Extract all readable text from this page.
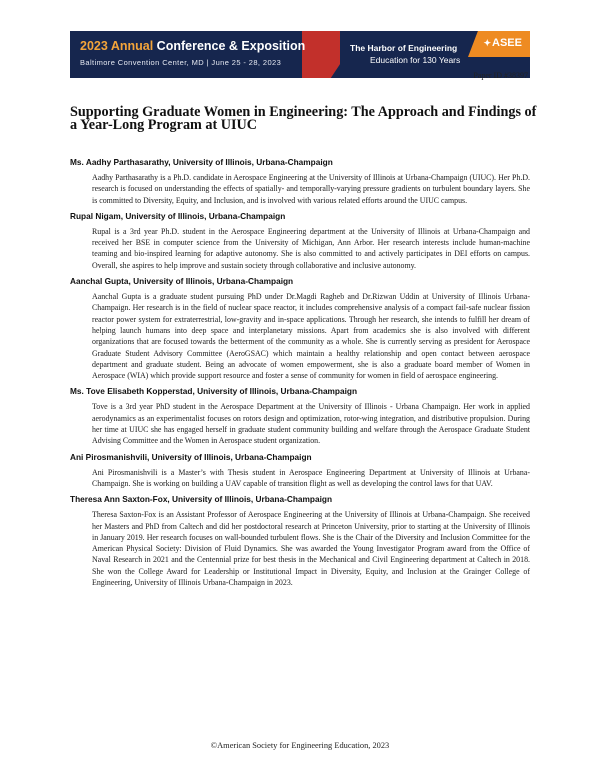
2023 Annual Conference & Exposition
Baltimore Convention Center, MD | June 25 - 28, 2023
The Harbor of Engineering
Education for 130 Years
✦ASEE
Paper ID #38397
Supporting Graduate Women in Engineering: The Approach and Findings of a Year-Long Program at UIUC
Ms. Aadhy Parthasarathy, University of Illinois, Urbana-Champaign

Aadhy Parthasarathy is a Ph.D. candidate in Aerospace Engineering at the University of Illinois at Urbana-Champaign (UIUC). Her Ph.D. research is focused on understanding the effects of spatially- and temporally-varying pressure gradients on turbulent boundary layers. She is committed to Diversity, Equity, and Inclusion, and is involved with various related efforts around the UIUC campus.

Rupal Nigam, University of Illinois, Urbana-Champaign

Rupal is a 3rd year Ph.D. student in the Aerospace Engineering department at the University of Illinois at Urbana-Champaign and received her BSE in computer science from the University of Michigan, Ann Arbor. Her research interests include human-machine teaming and bio-inspired learning for adaptive autonomy. She is also committed to and actively participates in DEI efforts on campus. Overall, she aspires to help improve and sustain society through collaborative and inclusive autonomy.

Aanchal Gupta, University of Illinois, Urbana-Champaign

Aanchal Gupta is a graduate student pursuing PhD under Dr.Magdi Ragheb and Dr.Rizwan Uddin at University of Illinois Urbana-Champaign. Her research is in the field of nuclear space reactor, it includes comprehensive analysis of a compact fail-safe nuclear fission reactor power system for extraterrestrial, low-gravity and in-space applications. Through her research, she intends to fulfill her dream of helping launch humans into deep space and interplanetary missions. Apart from academics she is also involved with different organizations that are focused towards the betterment of the community as a whole. She is currently serving as president for Aerospace Graduate Student Advisory Committee (AeroGSAC) which maintain a healthy relationship and open contact between aerospace department and graduate student. Being an advocate of women empowerment, she is also a graduate board member of Women in Aerospace (WIA) which provide support resource and foster a sense of community for women in field of aerospace engineering.

Ms. Tove Elisabeth Kopperstad, University of Illinois, Urbana-Champaign

Tove is a 3rd year PhD student in the Aerospace Department at the University of Illinois - Urbana Champaign. Her work in applied aerodynamics as an experimentalist focuses on rotors design and optimization, rotor-wing integration, and distributive propulsion. During her time at UIUC she has engaged herself in graduate student community building and welfare through the Aerospace Graduate Student Advising Committee and the Women in Aerospace student organization.

Ani Pirosmanishvili, University of Illinois, Urbana-Champaign

Ani Pirosmanishvili is a Master’s with Thesis student in Aerospace Engineering Department at University of Illinois at Urbana-Champaign. She is working on building a UAV capable of transition flight as well as developing the control laws for that UAV.

Theresa Ann Saxton-Fox, University of Illinois, Urbana-Champaign

Theresa Saxton-Fox is an Assistant Professor of Aerospace Engineering at the University of Illinois at Urbana-Champaign. She received her Masters and PhD from Caltech and did her postdoctoral research at Princeton University, prior to starting at the University of Illinois in January 2019. Her research focuses on wall-bounded turbulent flows. She is the Chair of the Diversity and Inclusion Committee for the American Physical Society: Division of Fluid Dynamics. She was awarded the Young Investigator Program award from the Office of Naval Research in 2021 and the Centennial prize for best thesis in the Mechanical and Civil Engineering department at Caltech in 2018. She won the College Award for Leadership or Institutional Impact in Diversity, Equity, and Inclusion at the Grainger College of Engineering, University of Illinois Urbana-Champaign in 2023.

©American Society for Engineering Education, 2023
